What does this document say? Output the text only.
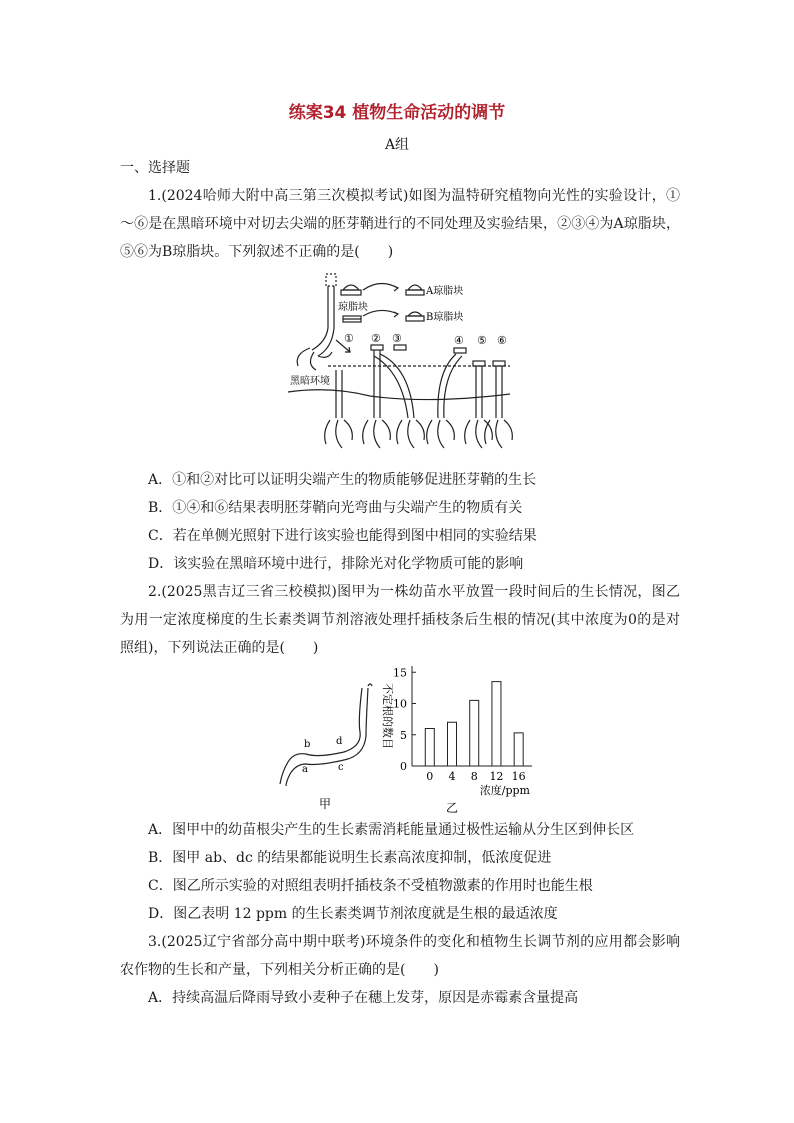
练案34 植物生命活动的调节
A组

一、选择题

1.(2024哈师大附中高三第三次模拟考试)如图为温特研究植物向光性的实验设计，①～⑥是在黑暗环境中对切去尖端的胚芽鞘进行的不同处理及实验结果，②③④为A琼脂块，⑤⑥为B琼脂块。下列叙述不正确的是(　　)

琼脂块
A琼脂块
B琼脂块
黑暗环境
① ② ③	④ ⑤ ⑥

A．①和②对比可以证明尖端产生的物质能够促进胚芽鞘的生长

B．①④和⑥结果表明胚芽鞘向光弯曲与尖端产生的物质有关

C．若在单侧光照射下进行该实验也能得到图中相同的实验结果

D．该实验在黑暗环境中进行，排除光对化学物质可能的影响

2.(2025黑吉辽三省三校模拟)图甲为一株幼苗水平放置一段时间后的生长情况，图乙为用一定浓度梯度的生长素类调节剂溶液处理扦插枝条后生根的情况(其中浓度为0的是对照组)，下列说法正确的是(　　)

b	d
a	c
甲
0
5
10
15
不定根的数目
0 4 8 12 16
浓度/ppm
乙

A．图甲中的幼苗根尖产生的生长素需消耗能量通过极性运输从分生区到伸长区

B．图甲 ab、dc 的结果都能说明生长素高浓度抑制，低浓度促进

C．图乙所示实验的对照组表明扦插枝条不受植物激素的作用时也能生根

D．图乙表明 12 ppm 的生长素类调节剂浓度就是生根的最适浓度

3.(2025辽宁省部分高中期中联考)环境条件的变化和植物生长调节剂的应用都会影响农作物的生长和产量，下列相关分析正确的是(　　)

A．持续高温后降雨导致小麦种子在穗上发芽，原因是赤霉素含量提高
